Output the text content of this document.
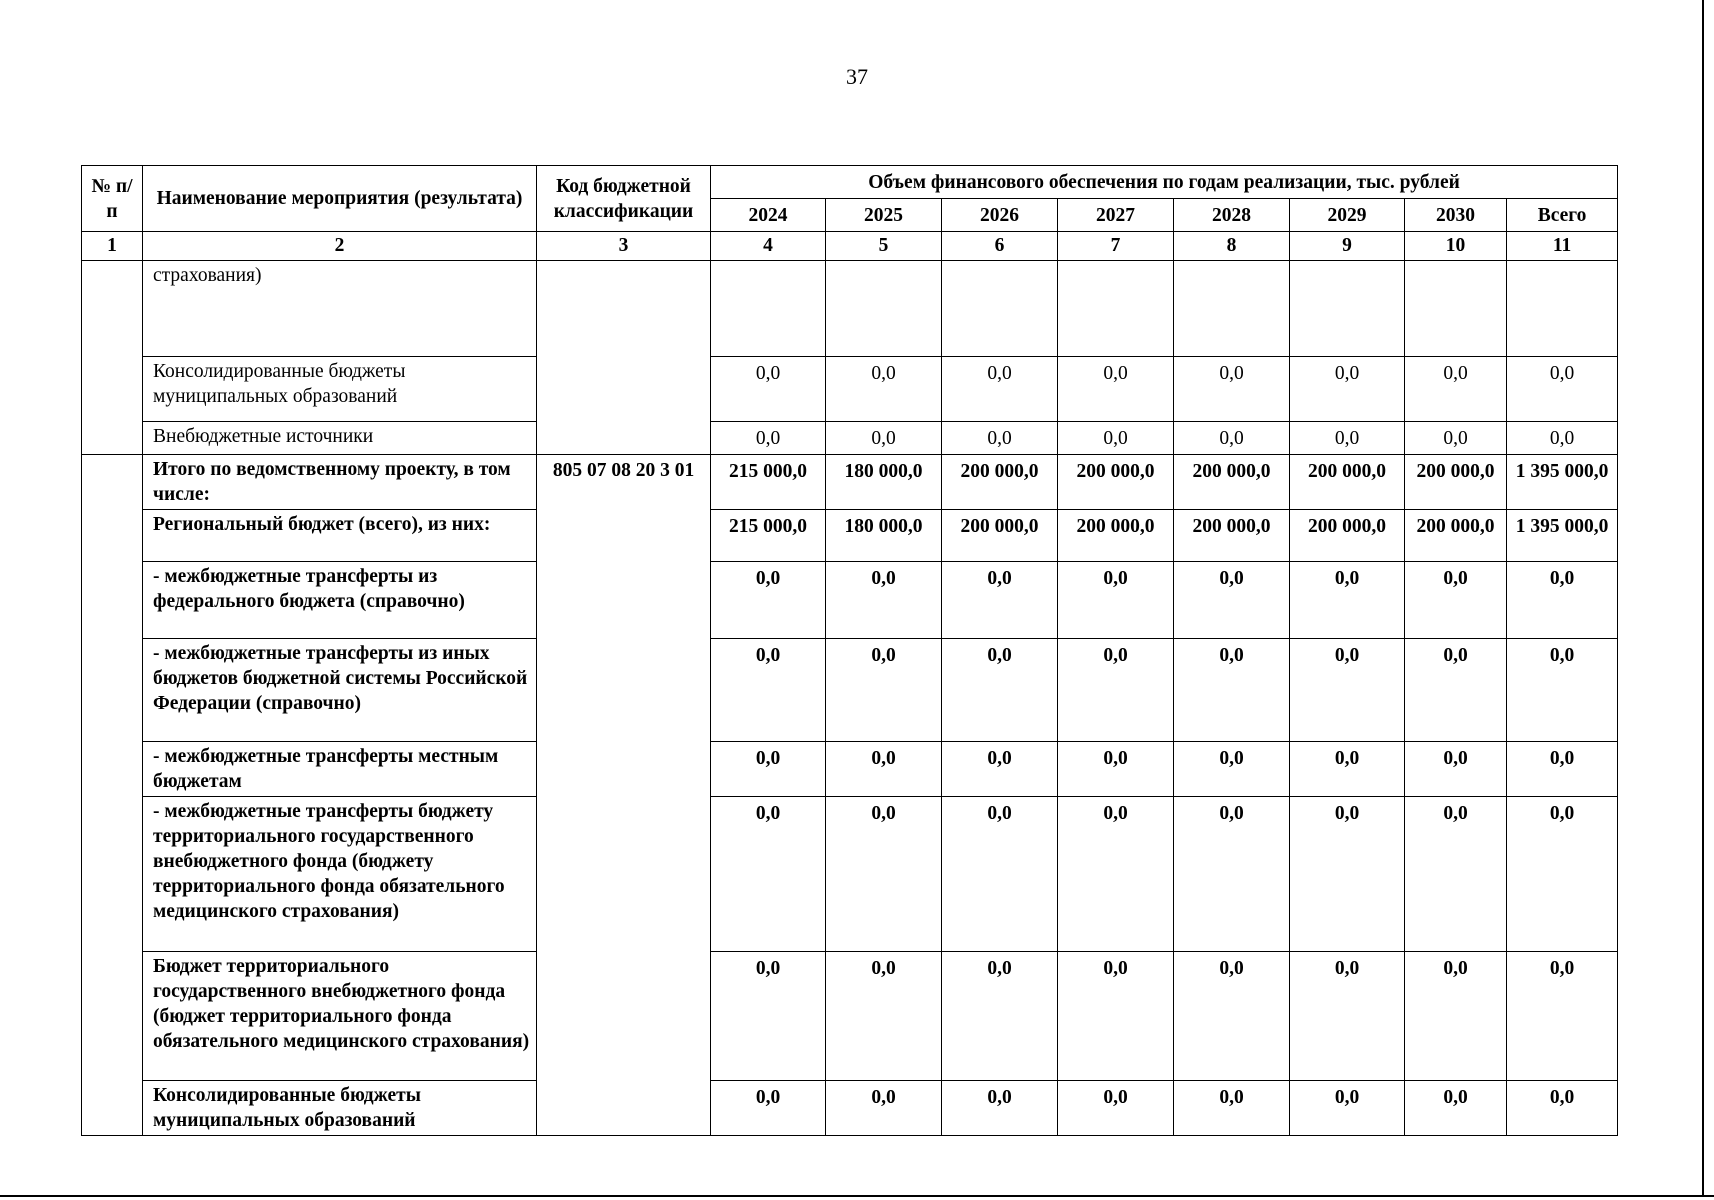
37
№ п/п	Наименование мероприятия (результата)	Код бюджетной классификации	Объем финансового обеспечения по годам реализации, тыс. рублей							
			2024	2025	2026	2027	2028	2029	2030	Всего
1	2	3	4	5	6	7	8	9	10	11
	страхования)									
	Консолидированные бюджеты муниципальных образований		0,0	0,0	0,0	0,0	0,0	0,0	0,0	0,0
	Внебюджетные источники		0,0	0,0	0,0	0,0	0,0	0,0	0,0	0,0
	Итого по ведомственному проекту, в том числе:	805 07 08 20 3 01	215 000,0	180 000,0	200 000,0	200 000,0	200 000,0	200 000,0	200 000,0	1 395 000,0
	Региональный бюджет (всего), из них:		215 000,0	180 000,0	200 000,0	200 000,0	200 000,0	200 000,0	200 000,0	1 395 000,0
	- межбюджетные трансферты из федерального бюджета (справочно)		0,0	0,0	0,0	0,0	0,0	0,0	0,0	0,0
	- межбюджетные трансферты из иных бюджетов бюджетной системы Российской Федерации (справочно)		0,0	0,0	0,0	0,0	0,0	0,0	0,0	0,0
	- межбюджетные трансферты местным бюджетам		0,0	0,0	0,0	0,0	0,0	0,0	0,0	0,0
	- межбюджетные трансферты бюджету территориального государственного внебюджетного фонда (бюджету территориального фонда обязательного медицинского страхования)		0,0	0,0	0,0	0,0	0,0	0,0	0,0	0,0
	Бюджет территориального государственного внебюджетного фонда (бюджет территориального фонда обязательного медицинского страхования)		0,0	0,0	0,0	0,0	0,0	0,0	0,0	0,0
	Консолидированные бюджеты муниципальных образований		0,0	0,0	0,0	0,0	0,0	0,0	0,0	0,0
